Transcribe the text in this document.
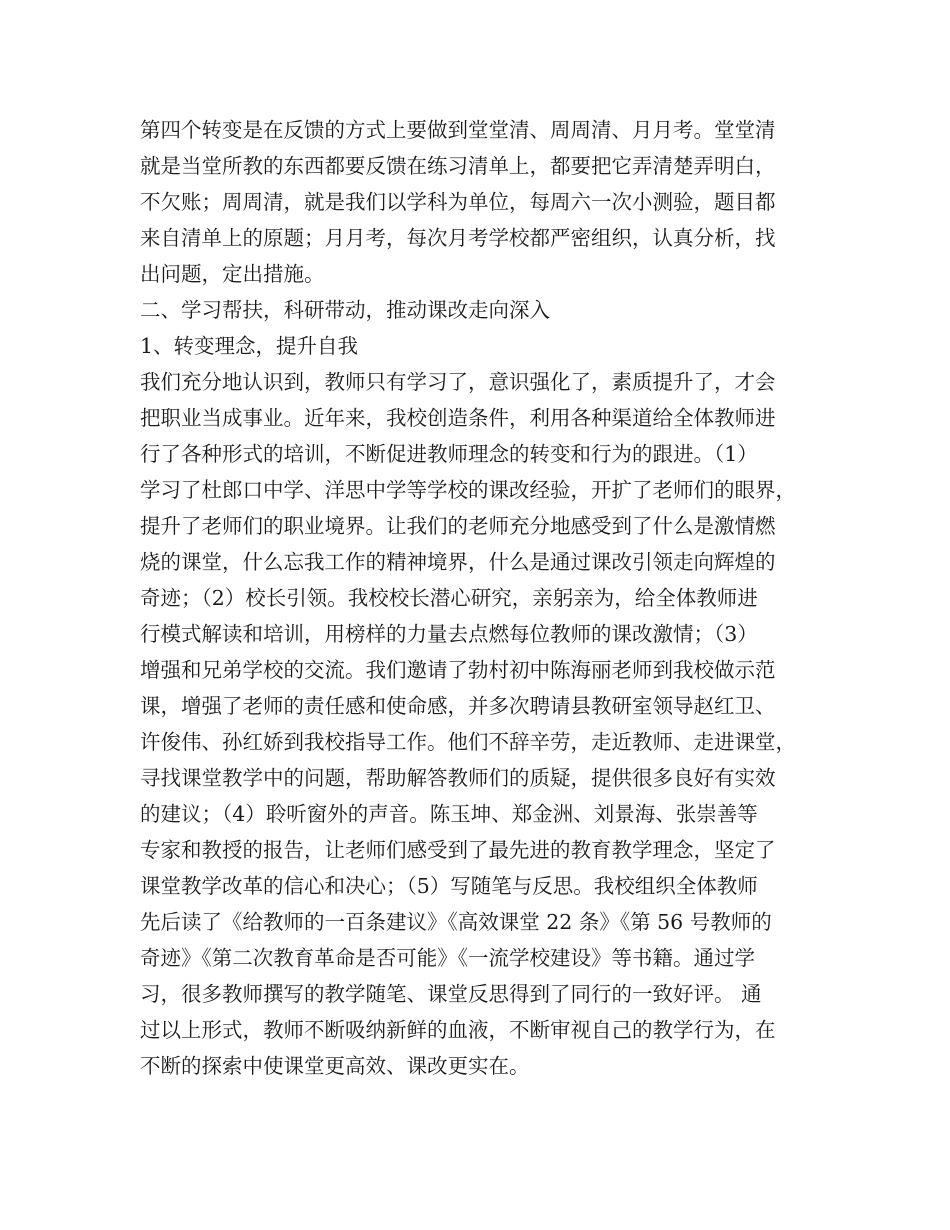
第四个转变是在反馈的方式上要做到堂堂清、周周清、月月考。堂堂清
就是当堂所教的东西都要反馈在练习清单上，都要把它弄清楚弄明白，
不欠账；周周清，就是我们以学科为单位，每周六一次小测验，题目都
来自清单上的原题；月月考，每次月考学校都严密组织，认真分析，找
出问题，定出措施。
二、学习帮扶，科研带动，推动课改走向深入
1、转变理念，提升自我
我们充分地认识到，教师只有学习了，意识强化了，素质提升了，才会
把职业当成事业。近年来，我校创造条件，利用各种渠道给全体教师进
行了各种形式的培训，不断促进教师理念的转变和行为的跟进。（1）
学习了杜郎口中学、洋思中学等学校的课改经验，开扩了老师们的眼界，
提升了老师们的职业境界。让我们的老师充分地感受到了什么是激情燃
烧的课堂，什么忘我工作的精神境界，什么是通过课改引领走向辉煌的
奇迹；（2）校长引领。我校校长潜心研究，亲躬亲为，给全体教师进
行模式解读和培训，用榜样的力量去点燃每位教师的课改激情；（3）
增强和兄弟学校的交流。我们邀请了勃村初中陈海丽老师到我校做示范
课，增强了老师的责任感和使命感，并多次聘请县教研室领导赵红卫、
许俊伟、孙红娇到我校指导工作。他们不辞辛劳，走近教师、走进课堂，
寻找课堂教学中的问题，帮助解答教师们的质疑，提供很多良好有实效
的建议；（4）聆听窗外的声音。陈玉坤、郑金洲、刘景海、张崇善等
专家和教授的报告，让老师们感受到了最先进的教育教学理念，坚定了
课堂教学改革的信心和决心；（5）写随笔与反思。我校组织全体教师
先后读了《给教师的一百条建议》《高效课堂 22 条》《第 56 号教师的
奇迹》《第二次教育革命是否可能》《一流学校建设》等书籍。通过学
习，很多教师撰写的教学随笔、课堂反思得到了同行的一致好评。 通
过以上形式，教师不断吸纳新鲜的血液，不断审视自己的教学行为，在
不断的探索中使课堂更高效、课改更实在。
